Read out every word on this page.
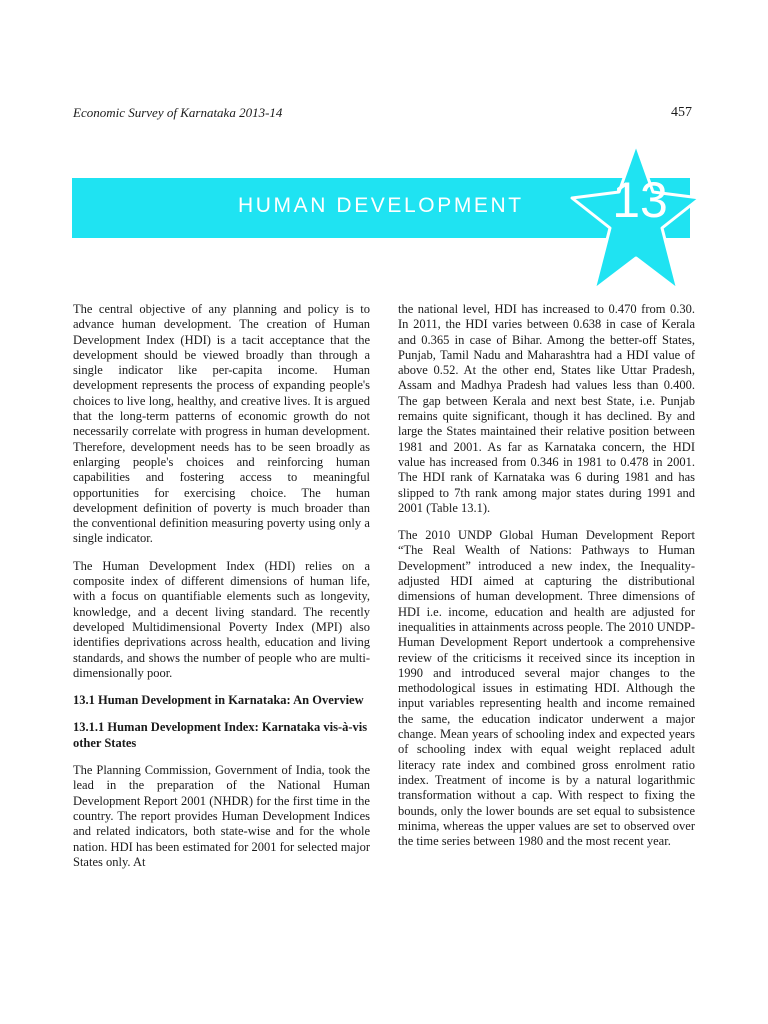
Economic Survey of Karnataka 2013-14	457
HUMAN DEVELOPMENT 13

The central objective of any planning and policy is to advance human development. The creation of Human Development Index (HDI) is a tacit acceptance that the development should be viewed broadly than through a single indicator like per-capita income. Human development represents the process of expanding people's choices to live long, healthy, and creative lives. It is argued that the long-term patterns of economic growth do not necessarily correlate with progress in human development. Therefore, development needs has to be seen broadly as enlarging people's choices and reinforcing human capabilities and fostering access to meaningful opportunities for exercising choice. The human development definition of poverty is much broader than the conventional definition measuring poverty using only a single indicator.

The Human Development Index (HDI) relies on a composite index of different dimensions of human life, with a focus on quantifiable elements such as longevity, knowledge, and a decent living standard. The recently developed Multidimensional Poverty Index (MPI) also identifies deprivations across health, education and living standards, and shows the number of people who are multi-dimensionally poor.

13.1 Human Development in Karnataka: An Overview
13.1.1 Human Development Index: Karnataka vis-à-vis other States

The Planning Commission, Government of India, took the lead in the preparation of the National Human Development Report 2001 (NHDR) for the first time in the country. The report provides Human Development Indices and related indicators, both state-wise and for the whole nation. HDI has been estimated for 2001 for selected major States only. At

the national level, HDI has increased to 0.470 from 0.30. In 2011, the HDI varies between 0.638 in case of Kerala and 0.365 in case of Bihar. Among the better-off States, Punjab, Tamil Nadu and Maharashtra had a HDI value of above 0.52. At the other end, States like Uttar Pradesh, Assam and Madhya Pradesh had values less than 0.400. The gap between Kerala and next best State, i.e. Punjab remains quite significant, though it has declined. By and large the States maintained their relative position between 1981 and 2001. As far as Karnataka concern, the HDI value has increased from 0.346 in 1981 to 0.478 in 2001. The HDI rank of Karnataka was 6 during 1981 and has slipped to 7th rank among major states during 1991 and 2001 (Table 13.1).

The 2010 UNDP Global Human Development Report “The Real Wealth of Nations: Pathways to Human Development” introduced a new index, the Inequality-adjusted HDI aimed at capturing the distributional dimensions of human development. Three dimensions of HDI i.e. income, education and health are adjusted for inequalities in attainments across people. The 2010 UNDP-Human Development Report undertook a comprehensive review of the criticisms it received since its inception in 1990 and introduced several major changes to the methodological issues in estimating HDI. Although the input variables representing health and income remained the same, the education indicator underwent a major change. Mean years of schooling index and expected years of schooling index with equal weight replaced adult literacy rate index and combined gross enrolment ratio index. Treatment of income is by a natural logarithmic transformation without a cap. With respect to fixing the bounds, only the lower bounds are set equal to subsistence minima, whereas the upper values are set to observed over the time series between 1980 and the most recent year.
